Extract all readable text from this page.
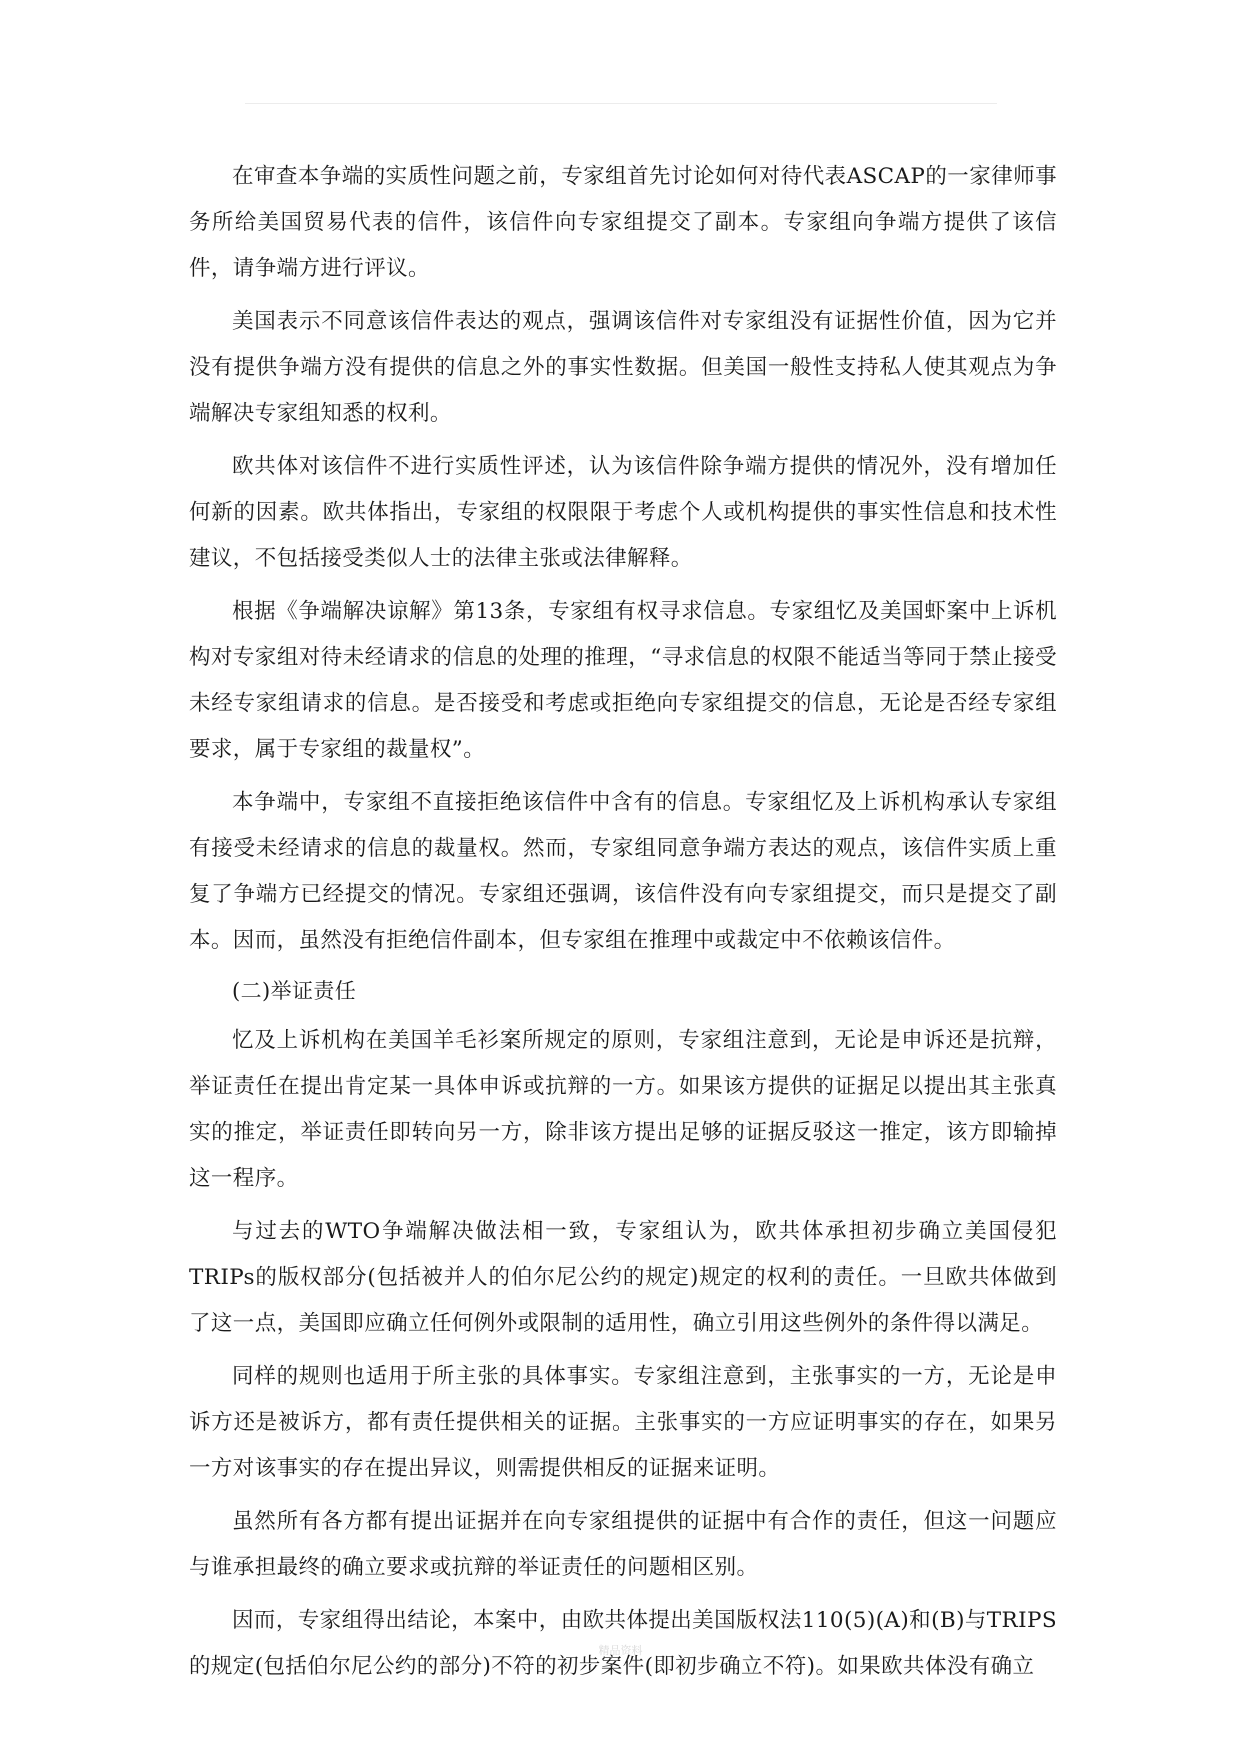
在审查本争端的实质性问题之前，专家组首先讨论如何对待代表ASCAP的一家律师事务所给美国贸易代表的信件，该信件向专家组提交了副本。专家组向争端方提供了该信件，请争端方进行评议。

美国表示不同意该信件表达的观点，强调该信件对专家组没有证据性价值，因为它并没有提供争端方没有提供的信息之外的事实性数据。但美国一般性支持私人使其观点为争端解决专家组知悉的权利。

欧共体对该信件不进行实质性评述，认为该信件除争端方提供的情况外，没有增加任何新的因素。欧共体指出，专家组的权限限于考虑个人或机构提供的事实性信息和技术性建议，不包括接受类似人士的法律主张或法律解释。

根据《争端解决谅解》第13条，专家组有权寻求信息。专家组忆及美国虾案中上诉机构对专家组对待未经请求的信息的处理的推理，“寻求信息的权限不能适当等同于禁止接受未经专家组请求的信息。是否接受和考虑或拒绝向专家组提交的信息，无论是否经专家组要求，属于专家组的裁量权”。

本争端中，专家组不直接拒绝该信件中含有的信息。专家组忆及上诉机构承认专家组有接受未经请求的信息的裁量权。然而，专家组同意争端方表达的观点，该信件实质上重复了争端方已经提交的情况。专家组还强调，该信件没有向专家组提交，而只是提交了副本。因而，虽然没有拒绝信件副本，但专家组在推理中或裁定中不依赖该信件。

(二)举证责任

忆及上诉机构在美国羊毛衫案所规定的原则，专家组注意到，无论是申诉还是抗辩，举证责任在提出肯定某一具体申诉或抗辩的一方。如果该方提供的证据足以提出其主张真实的推定，举证责任即转向另一方，除非该方提出足够的证据反驳这一推定，该方即输掉这一程序。

与过去的WTO争端解决做法相一致，专家组认为，欧共体承担初步确立美国侵犯TRIPs的版权部分(包括被并人的伯尔尼公约的规定)规定的权利的责任。一旦欧共体做到了这一点，美国即应确立任何例外或限制的适用性，确立引用这些例外的条件得以满足。

同样的规则也适用于所主张的具体事实。专家组注意到，主张事实的一方，无论是申诉方还是被诉方，都有责任提供相关的证据。主张事实的一方应证明事实的存在，如果另一方对该事实的存在提出异议，则需提供相反的证据来证明。

虽然所有各方都有提出证据并在向专家组提供的证据中有合作的责任，但这一问题应与谁承担最终的确立要求或抗辩的举证责任的问题相区别。

因而，专家组得出结论，本案中，由欧共体提出美国版权法110(5)(A)和(B)与TRIPS的规定(包括伯尔尼公约的部分)不符的初步案件(即初步确立不符)。如果欧共体没有确立

精品资料
